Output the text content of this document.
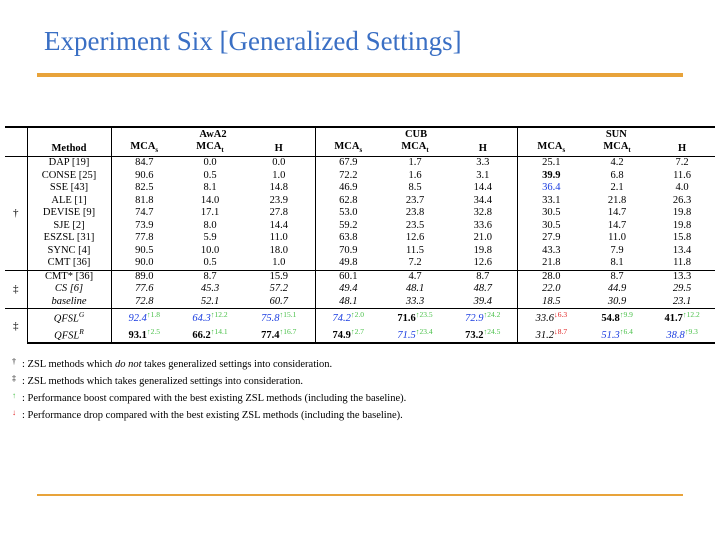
Experiment Six [Generalized Settings]
		AwA2			CUB			SUN		
	Method	$MCA_s$	$MCA_t$	H	$MCA_s$	$MCA_t$	H	$MCA_s$	$MCA_t$	H
†	DAP [19]	84.7	0.0	0.0	67.9	1.7	3.3	25.1	4.2	7.2
	CONSE [25]	90.6	0.5	1.0	72.2	1.6	3.1	39.9	6.8	11.6
	SSE [43]	82.5	8.1	14.8	46.9	8.5	14.4	36.4	2.1	4.0
	ALE [1]	81.8	14.0	23.9	62.8	23.7	34.4	33.1	21.8	26.3
	DEVISE [9]	74.7	17.1	27.8	53.0	23.8	32.8	30.5	14.7	19.8
	SJE [2]	73.9	8.0	14.4	59.2	23.5	33.6	30.5	14.7	19.8
	ESZSL [31]	77.8	5.9	11.0	63.8	12.6	21.0	27.9	11.0	15.8
	SYNC [4]	90.5	10.0	18.0	70.9	11.5	19.8	43.3	7.9	13.4
	CMT [36]	90.0	0.5	1.0	49.8	7.2	12.6	21.8	8.1	11.8
‡	CMT* [36]	89.0	8.7	15.9	60.1	4.7	8.7	28.0	8.7	13.3
	CS [6]	77.6	45.3	57.2	49.4	48.1	48.7	22.0	44.9	29.5
	baseline	72.8	52.1	60.7	48.1	33.3	39.4	18.5	30.9	23.1
‡	$QFSL^G$	$92.4^{↑1.8}$	$64.3^{↑12.2}$	$75.8^{↑15.1}$	$74.2^{↑2.0}$	$71.6^{↑23.5}$	$72.9^{↑24.2}$	$33.6^{↓6.3}$	$54.8^{↑9.9}$	$41.7^{↑12.2}$
	$QFSL^R$	$93.1^{↑2.5}$	$66.2^{↑14.1}$	$77.4^{↑16.7}$	$74.9^{↑2.7}$	$71.5^{↑23.4}$	$73.2^{↑24.5}$	$31.2^{↓8.7}$	$51.3^{↑6.4}$	$38.8^{↑9.3}$
† : ZSL methods which do not takes generalized settings into consideration.
‡ : ZSL methods which takes generalized settings into consideration.
↑ : Performance boost compared with the best existing ZSL methods (including the baseline).
↓ : Performance drop compared with the best existing ZSL methods (including the baseline).
